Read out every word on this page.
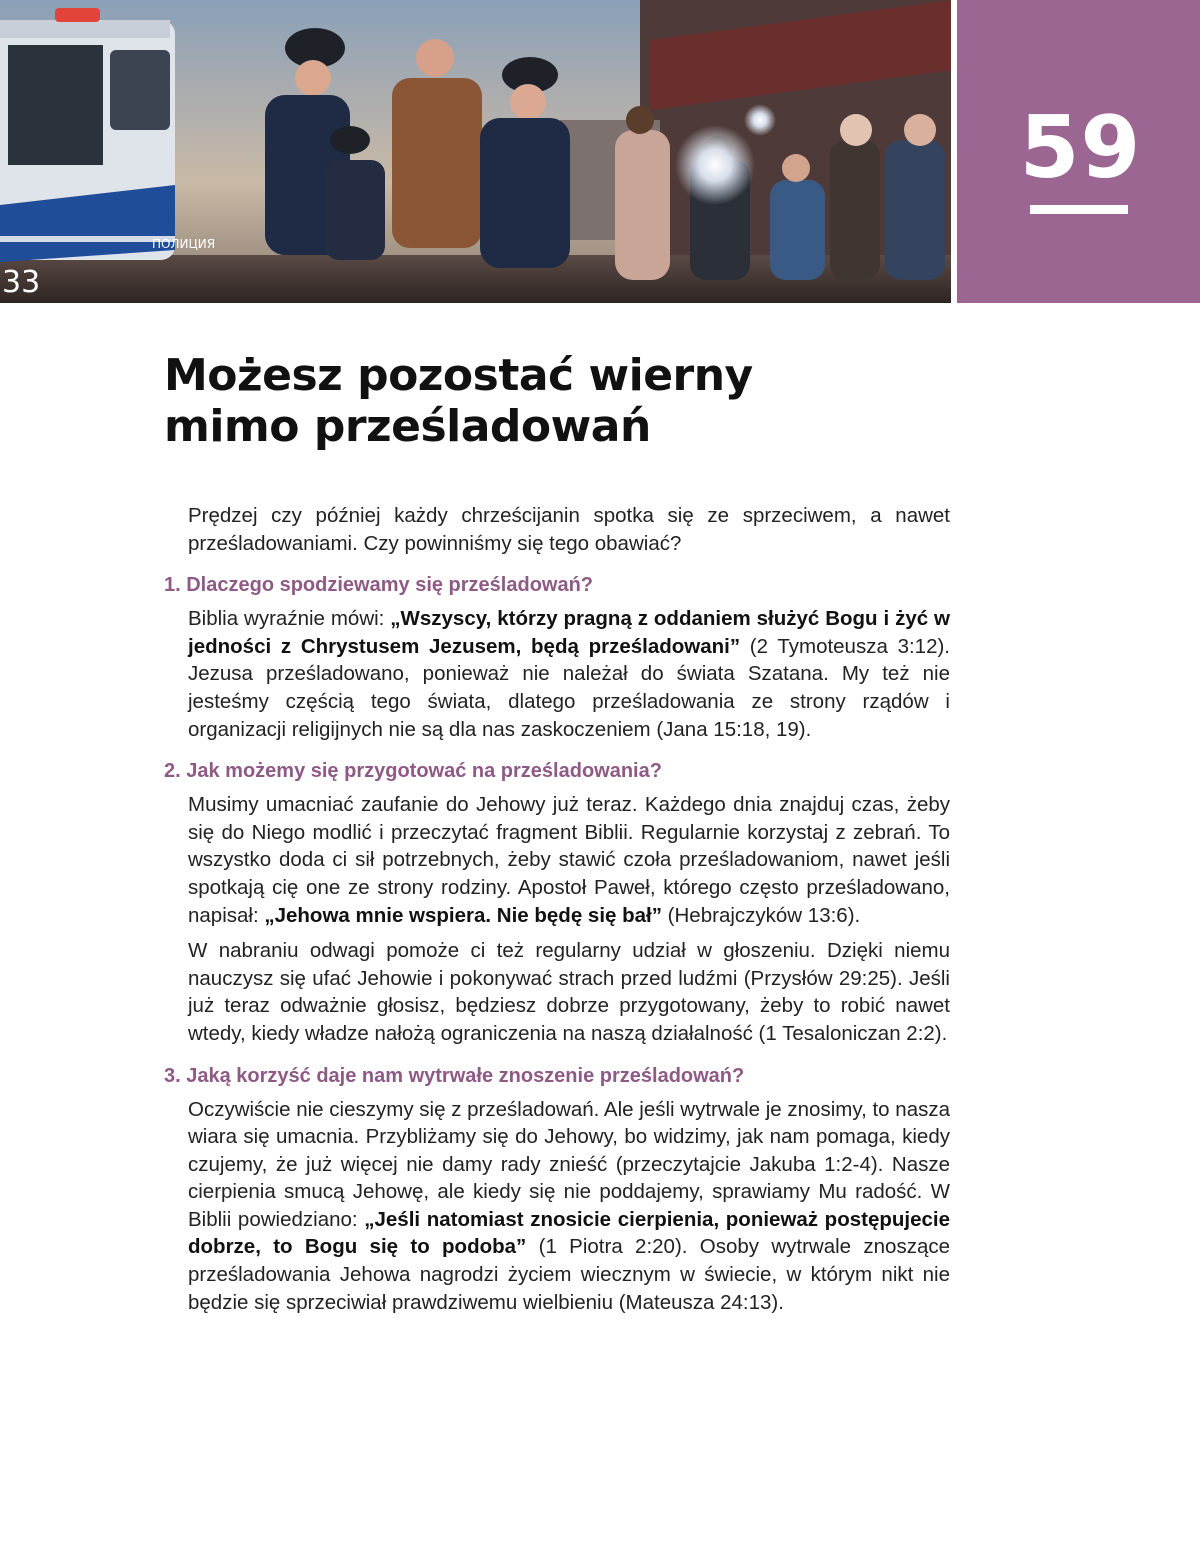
ПОЛИЦИЯ
33
59
Możesz pozostać wierny
mimo prześladowań

Prędzej czy później każdy chrześcijanin spotka się ze sprzeciwem, a nawet prześladowaniami. Czy powinniśmy się tego obawiać?

1. Dlaczego spodziewamy się prześladowań?

Biblia wyraźnie mówi: „Wszyscy, którzy pragną z oddaniem służyć Bogu i żyć w jedności z Chrystusem Jezusem, będą prześladowani” (2 Tymoteusza 3:12). Jezusa prześladowano, ponieważ nie należał do świata Szatana. My też nie jesteśmy częścią tego świata, dlatego prześladowania ze strony rządów i organizacji religijnych nie są dla nas zaskoczeniem (Jana 15:18, 19).

2. Jak możemy się przygotować na prześladowania?

Musimy umacniać zaufanie do Jehowy już teraz. Każdego dnia znajduj czas, żeby się do Niego modlić i przeczytać fragment Biblii. Regularnie korzystaj z zebrań. To wszystko doda ci sił potrzebnych, żeby stawić czoła prześladowaniom, nawet jeśli spotkają cię one ze strony rodziny. Apostoł Paweł, którego często prześladowano, napisał: „Jehowa mnie wspiera. Nie będę się bał” (Hebrajczyków 13:6).

W nabraniu odwagi pomoże ci też regularny udział w głoszeniu. Dzięki niemu nauczysz się ufać Jehowie i pokonywać strach przed ludźmi (Przysłów 29:25). Jeśli już teraz odważnie głosisz, będziesz dobrze przygotowany, żeby to robić nawet wtedy, kiedy władze nałożą ograniczenia na naszą działalność (1 Tesaloniczan 2:2).

3. Jaką korzyść daje nam wytrwałe znoszenie prześladowań?

Oczywiście nie cieszymy się z prześladowań. Ale jeśli wytrwale je znosimy, to nasza wiara się umacnia. Przybliżamy się do Jehowy, bo widzimy, jak nam pomaga, kiedy czujemy, że już więcej nie damy rady znieść (przeczytajcie Jakuba 1:2-4). Nasze cierpienia smucą Jehowę, ale kiedy się nie poddajemy, sprawiamy Mu radość. W Biblii powiedziano: „Jeśli natomiast znosicie cierpienia, ponieważ postępujecie dobrze, to Bogu się to podoba” (1 Piotra 2:20). Osoby wytrwale znoszące prześladowania Jehowa nagrodzi życiem wiecznym w świecie, w którym nikt nie będzie się sprzeciwiał prawdziwemu wielbieniu (Mateusza 24:13).
